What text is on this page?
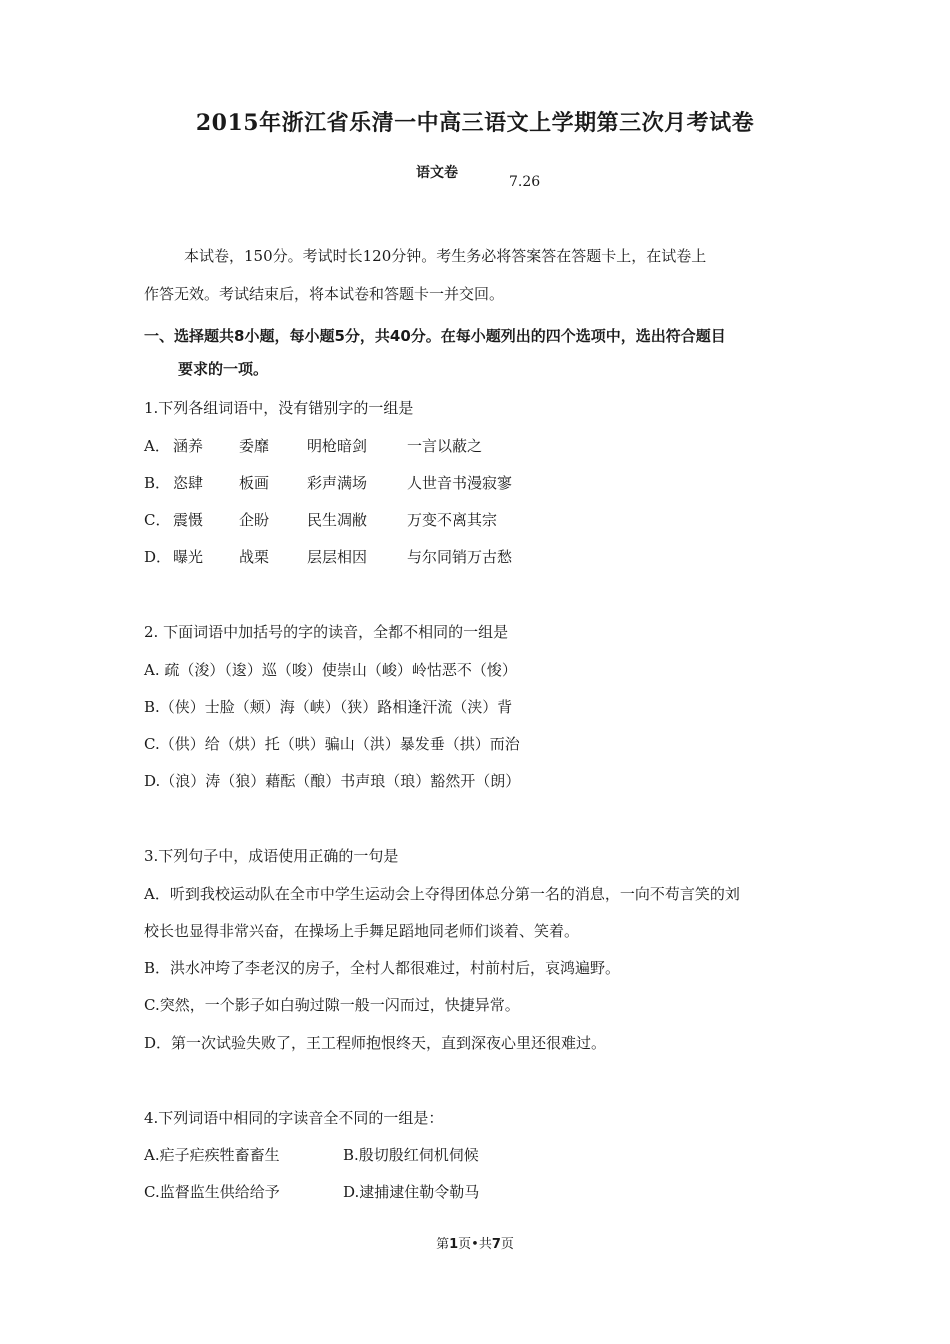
2015年浙江省乐清一中高三语文上学期第三次月考试卷
语文卷
7.26
本试卷，150分。考试时长120分钟。考生务必将答案答在答题卡上，在试卷上
作答无效。考试结束后，将本试卷和答题卡一并交回。
一、选择题共8小题，每小题5分，共40分。在每小题列出的四个选项中，选出符合题目
要求的一项。
1.下列各组词语中，没有错别字的一组是
A． 涵养 委靡	明枪暗剑	一言以蔽之
B． 恣肆 板画	彩声满场	人世音书漫寂寥
C． 震慑 企盼	民生凋敝	万变不离其宗
D． 曝光 战栗	层层相因	与尔同销万古愁
2. 下面词语中加括号的字的读音，全都不相同的一组是
A. 疏（浚）（逡）巡（唆）使崇山（峻）岭怙恶不（悛）
B.（侠）士脸（颊）海（峡）（狭）路相逢汗流（浃）背
C.（供）给（烘）托（哄）骗山（洪）暴发垂（拱）而治
D.（浪）涛（狼）藉酝（酿）书声琅（琅）豁然开（朗）
3.下列句子中，成语使用正确的一句是
A．听到我校运动队在全市中学生运动会上夺得团体总分第一名的消息，一向不苟言笑的刘
校长也显得非常兴奋，在操场上手舞足蹈地同老师们谈着、笑着。
B．洪水冲垮了李老汉的房子，全村人都很难过，村前村后，哀鸿遍野。
C.突然，一个影子如白驹过隙一般一闪而过，快捷异常。
D．第一次试验失败了，王工程师抱恨终天，直到深夜心里还很难过。
4.下列词语中相同的字读音全不同的一组是：
A.疟子疟疾牲畜畜生	B.殷切殷红伺机伺候
C.监督监生供给给予	D.逮捕逮住勒令勒马
第1页•共7页
